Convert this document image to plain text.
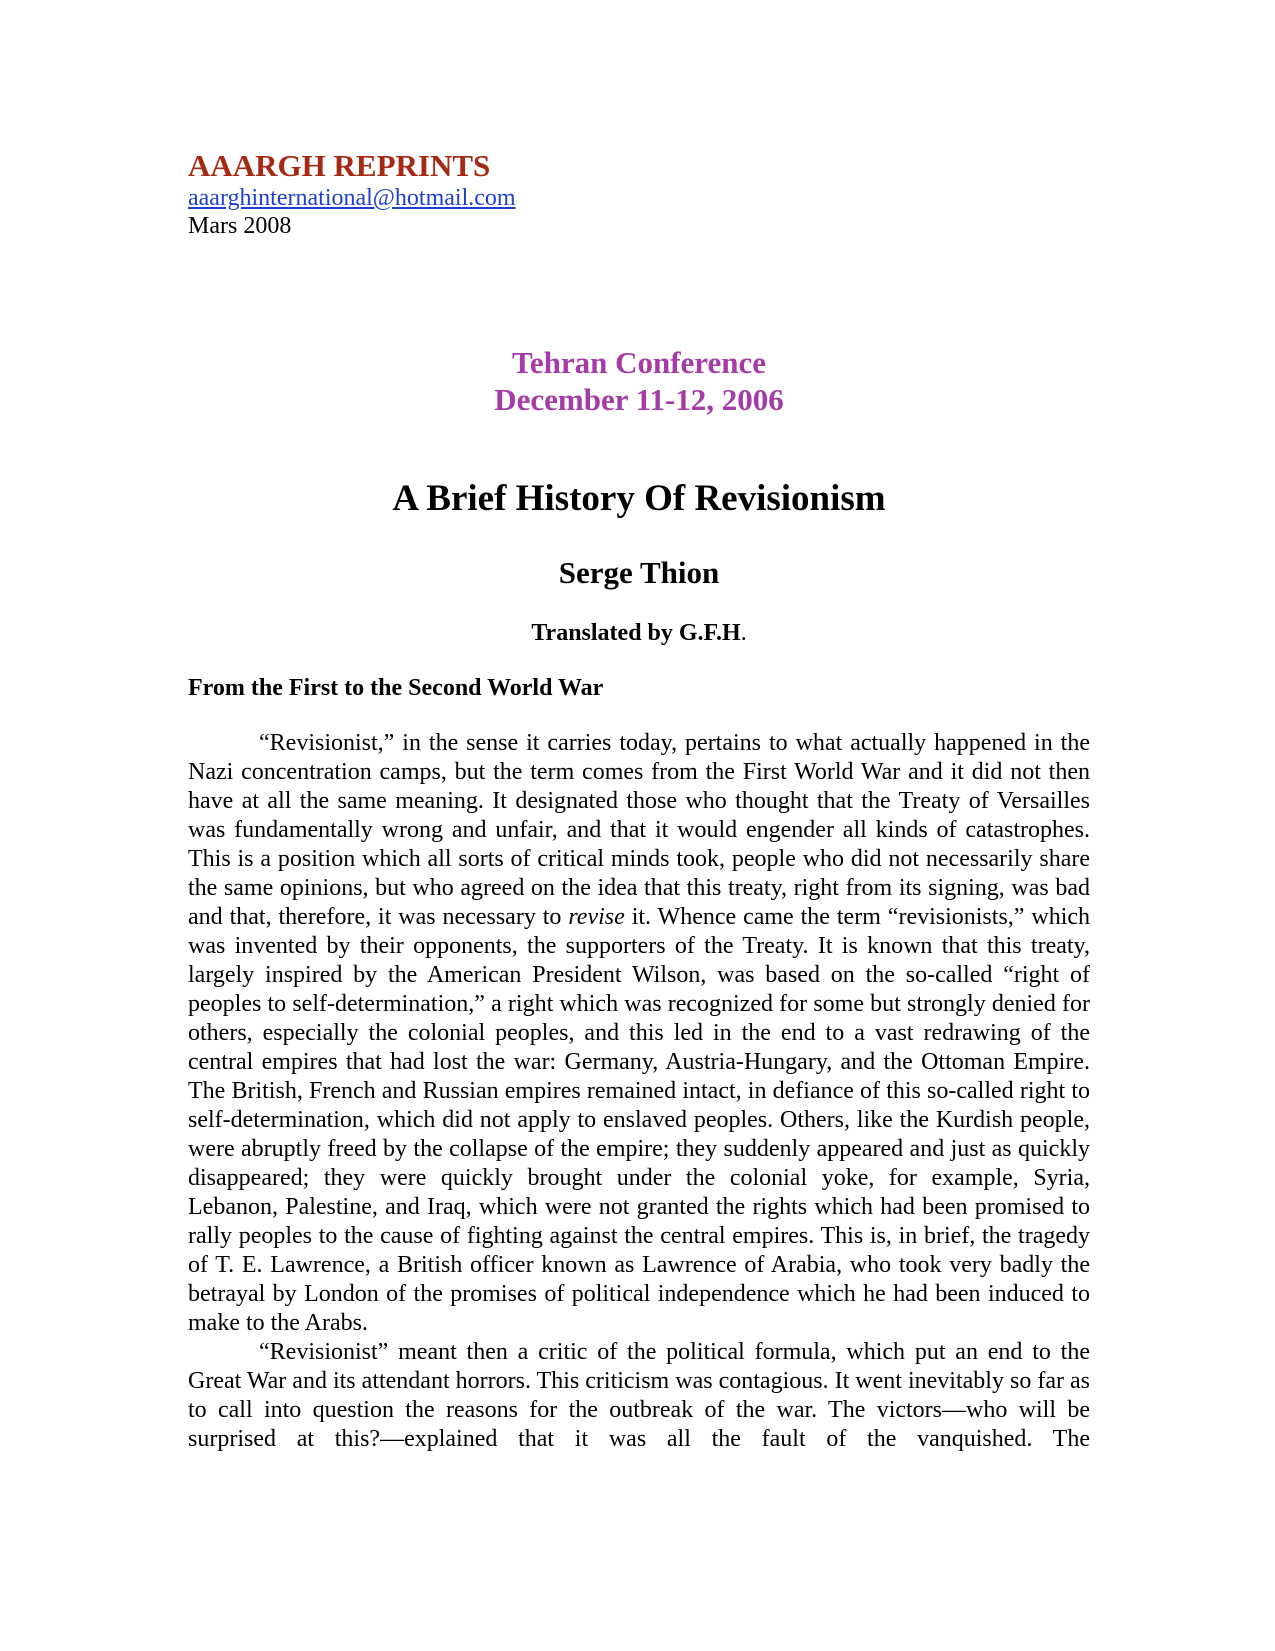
AAARGH REPRINTS
aaarghinternational@hotmail.com
Mars 2008
Tehran Conference
December 11-12, 2006
A Brief History Of Revisionism
Serge Thion
Translated by G.F.H.
From the First to the Second World War

“Revisionist,” in the sense it carries today, pertains to what actually happened in the Nazi concentration camps, but the term comes from the First World War and it did not then have at all the same meaning. It designated those who thought that the Treaty of Versailles was fundamentally wrong and unfair, and that it would engender all kinds of catastrophes. This is a position which all sorts of critical minds took, people who did not necessarily share the same opinions, but who agreed on the idea that this treaty, right from its signing, was bad and that, therefore, it was necessary to revise it. Whence came the term “revisionists,” which was invented by their opponents, the supporters of the Treaty. It is known that this treaty, largely inspired by the American President Wilson, was based on the so-called “right of peoples to self-determination,” a right which was recognized for some but strongly denied for others, especially the colonial peoples, and this led in the end to a vast redrawing of the central empires that had lost the war: Germany, Austria-Hungary, and the Ottoman Empire. The British, French and Russian empires remained intact, in defiance of this so-called right to self-determination, which did not apply to enslaved peoples. Others, like the Kurdish people, were abruptly freed by the collapse of the empire; they suddenly appeared and just as quickly disappeared; they were quickly brought under the colonial yoke, for example, Syria, Lebanon, Palestine, and Iraq, which were not granted the rights which had been promised to rally peoples to the cause of fighting against the central empires. This is, in brief, the tragedy of T. E. Lawrence, a British officer known as Lawrence of Arabia, who took very badly the betrayal by London of the promises of political independence which he had been induced to make to the Arabs.

“Revisionist” meant then a critic of the political formula, which put an end to the Great War and its attendant horrors. This criticism was contagious. It went inevitably so far as to call into question the reasons for the outbreak of the war. The victors—who will be surprised at this?—explained that it was all the fault of the vanquished. The
